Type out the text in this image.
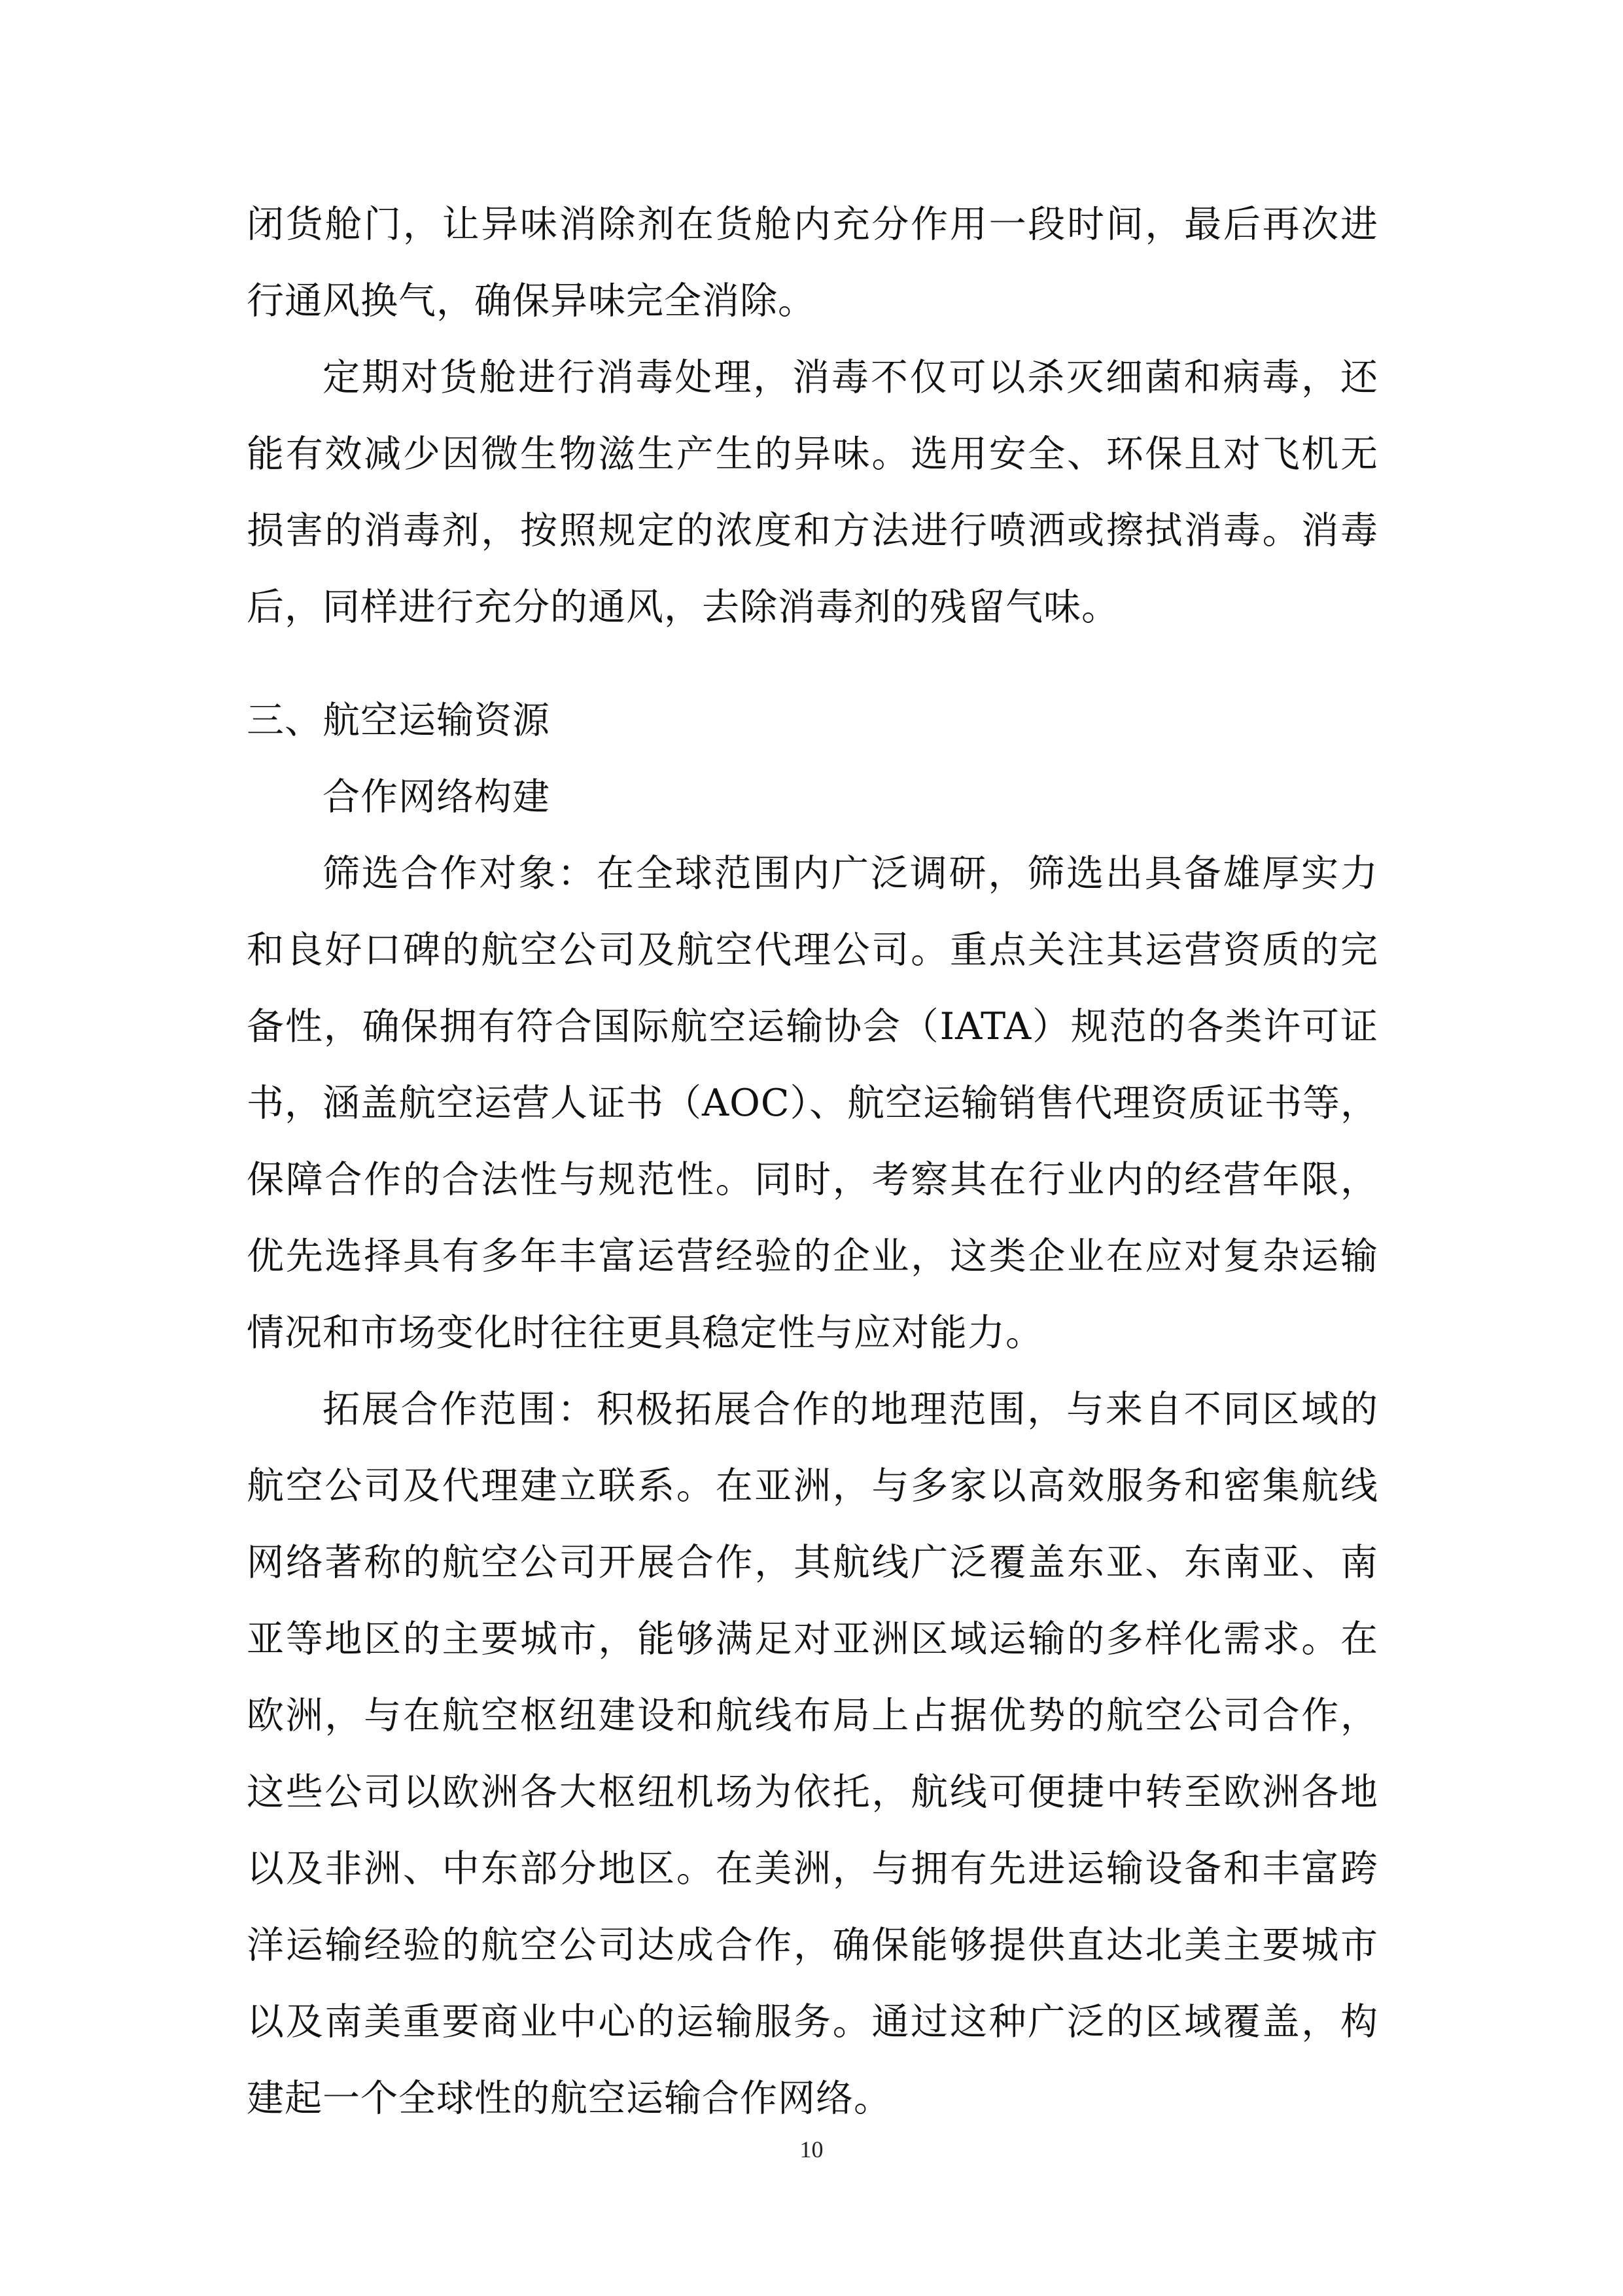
闭货舱门，让异味消除剂在货舱内充分作用一段时间，最后再次进行通风换气，确保异味完全消除。

定期对货舱进行消毒处理，消毒不仅可以杀灭细菌和病毒，还能有效减少因微生物滋生产生的异味。选用安全、环保且对飞机无损害的消毒剂，按照规定的浓度和方法进行喷洒或擦拭消毒。消毒后，同样进行充分的通风，去除消毒剂的残留气味。

三、航空运输资源

合作网络构建

筛选合作对象：在全球范围内广泛调研，筛选出具备雄厚实力和良好口碑的航空公司及航空代理公司。重点关注其运营资质的完备性，确保拥有符合国际航空运输协会（IATA）规范的各类许可证书，涵盖航空运营人证书（AOC）、航空运输销售代理资质证书等，保障合作的合法性与规范性。同时，考察其在行业内的经营年限，优先选择具有多年丰富运营经验的企业，这类企业在应对复杂运输情况和市场变化时往往更具稳定性与应对能力。

拓展合作范围：积极拓展合作的地理范围，与来自不同区域的航空公司及代理建立联系。在亚洲，与多家以高效服务和密集航线网络著称的航空公司开展合作，其航线广泛覆盖东亚、东南亚、南亚等地区的主要城市，能够满足对亚洲区域运输的多样化需求。在欧洲，与在航空枢纽建设和航线布局上占据优势的航空公司合作，这些公司以欧洲各大枢纽机场为依托，航线可便捷中转至欧洲各地以及非洲、中东部分地区。在美洲，与拥有先进运输设备和丰富跨洋运输经验的航空公司达成合作，确保能够提供直达北美主要城市以及南美重要商业中心的运输服务。通过这种广泛的区域覆盖，构建起一个全球性的航空运输合作网络。

10
